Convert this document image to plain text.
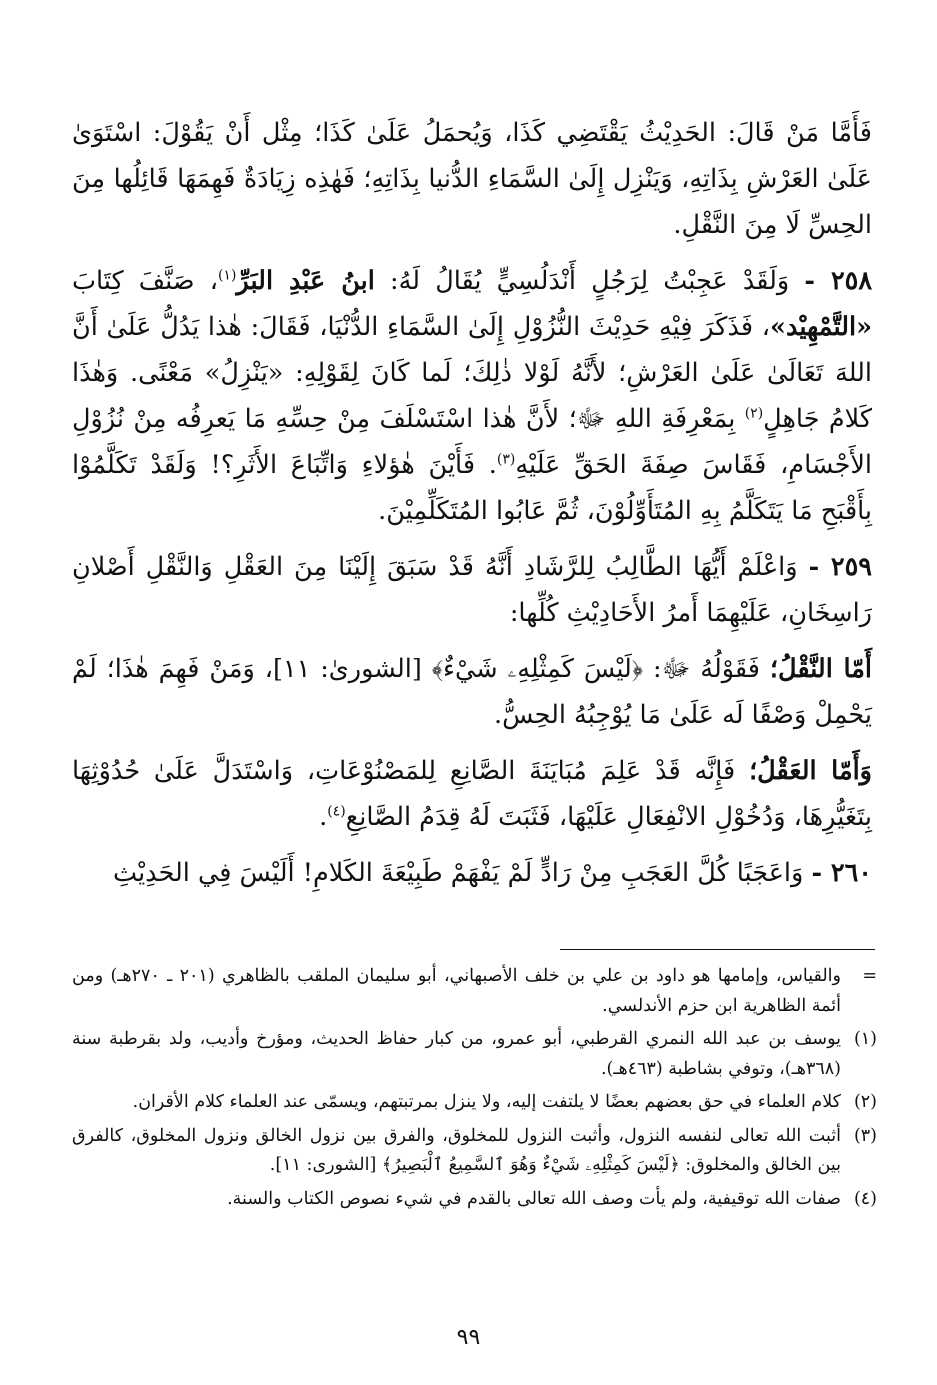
فَأَمَّا مَنْ قَالَ: الحَدِيْثُ يَقْتَضِي كَذَا، وَيُحمَلُ عَلَىٰ كَذَا؛ مِثْل أَنْ يَقُوْلَ: اسْتَوَىٰ عَلَىٰ العَرْشِ بِذَاتِهِ، وَيَنْزِل إِلَىٰ السَّمَاءِ الدُّنيا بِذَاتِهِ؛ فَهٰذِه زِيَادَةٌ فَهِمَهَا قَائِلُها مِنَ الحِسِّ لَا مِنَ النَّقْلِ.

٢٥٨ - وَلَقَدْ عَجِبْتُ لِرَجُلٍ أَنْدَلُسِيٍّ يُقَالُ لَهُ: ابنُ عَبْدِ البَرِّ$^{(١)}$، صَنَّفَ كِتَابَ «التَّمْهِيْد»، فَذَكَرَ فِيْهِ حَدِيْثَ النُّزُوْلِ إِلَىٰ السَّمَاءِ الدُّنْيَا، فَقَالَ: هٰذا يَدُلُّ عَلَىٰ أَنَّ اللهَ تَعَالَىٰ عَلَىٰ العَرْشِ؛ لأَنَّهُ لَوْلا ذٰلِكَ؛ لَما كَانَ لِقَوْلِهِ: «يَنْزِلُ» مَعْنًى. وَهٰذَا كَلامُ جَاهِلٍ$^{(٢)}$ بِمَعْرِفَةِ اللهِ ﷻ؛ لأَنَّ هٰذا اسْتَسْلَفَ مِنْ حِسِّهِ مَا يَعرِفُه مِنْ نُزُوْلِ الأَجْسَامِ، فَقَاسَ صِفَةَ الحَقِّ عَلَيْهِ$^{(٣)}$. فَأَيْنَ هٰؤلاءِ وَاتِّبَاعَ الأَثَرِ؟! وَلَقَدْ تَكَلَّمُوْا بِأَقْبَحِ مَا يَتَكَلَّمُ بِهِ المُتَأَوِّلُوْنَ، ثُمَّ عَابُوا المُتَكَلِّمِيْنَ.

٢٥٩ - وَاعْلَمْ أَيُّهَا الطَّالِبُ لِلرَّشَادِ أَنَّهُ قَدْ سَبَقَ إِلَيْنَا مِنَ العَقْلِ وَالنَّقْلِ أَصْلانِ رَاسِخَانِ، عَلَيْهِمَا أَمرُ الأَحَادِيْثِ كُلِّها:

أَمّا النَّقْلُ؛ فَقَوْلُهُ ﷻ: ﴿لَيْسَ كَمِثْلِهِۦ شَيْءٌ﴾ [الشورىٰ: ١١]، وَمَنْ فَهِمَ هٰذَا؛ لَمْ يَحْمِلْ وَصْفًا لَه عَلَىٰ مَا يُوْجِبُهُ الحِسُّ.

وَأَمّا العَقْلُ؛ فَإِنَّه قَدْ عَلِمَ مُبَايَنَةَ الصَّانِعِ لِلمَصْنُوْعَاتِ، وَاسْتَدَلَّ عَلَىٰ حُدُوْثِهَا بِتَغَيُّرِهَا، وَدُخُوْلِ الانْفِعَالِ عَلَيْهَا، فَثَبَتَ لَهُ قِدَمُ الصَّانِعِ$^{(٤)}$.

٢٦٠ - وَاعَجَبًا كُلَّ العَجَبِ مِنْ رَادٍّ لَمْ يَفْهَمْ طَبِيْعَةَ الكَلامِ! أَلَيْسَ فِي الحَدِيْثِ

=
والقياس، وإمامها هو داود بن علي بن خلف الأصبهاني، أبو سليمان الملقب بالظاهري (٢٠١ ـ ٢٧٠هـ) ومن أئمة الظاهرية ابن حزم الأندلسي.
(١)
يوسف بن عبد الله النمري القرطبي، أبو عمرو، من كبار حفاظ الحديث، ومؤرخ وأديب، ولد بقرطبة سنة (٣٦٨هـ)، وتوفي بشاطبة (٤٦٣هـ).
(٢)
كلام العلماء في حق بعضهم بعضًا لا يلتفت إليه، ولا ينزل بمرتبتهم، ويسمّى عند العلماء كلام الأقران.
(٣)
أثبت الله تعالى لنفسه النزول، وأثبت النزول للمخلوق، والفرق بين نزول الخالق ونزول المخلوق، كالفرق بين الخالق والمخلوق: ﴿لَيْسَ كَمِثْلِهِۦ شَيْءٌ وَهُوَ ٱلسَّمِيعُ ٱلْبَصِيرُ﴾ [الشورى: ١١].
(٤)
صفات الله توقيفية، ولم يأت وصف الله تعالى بالقدم في شيء نصوص الكتاب والسنة.
٩٩
